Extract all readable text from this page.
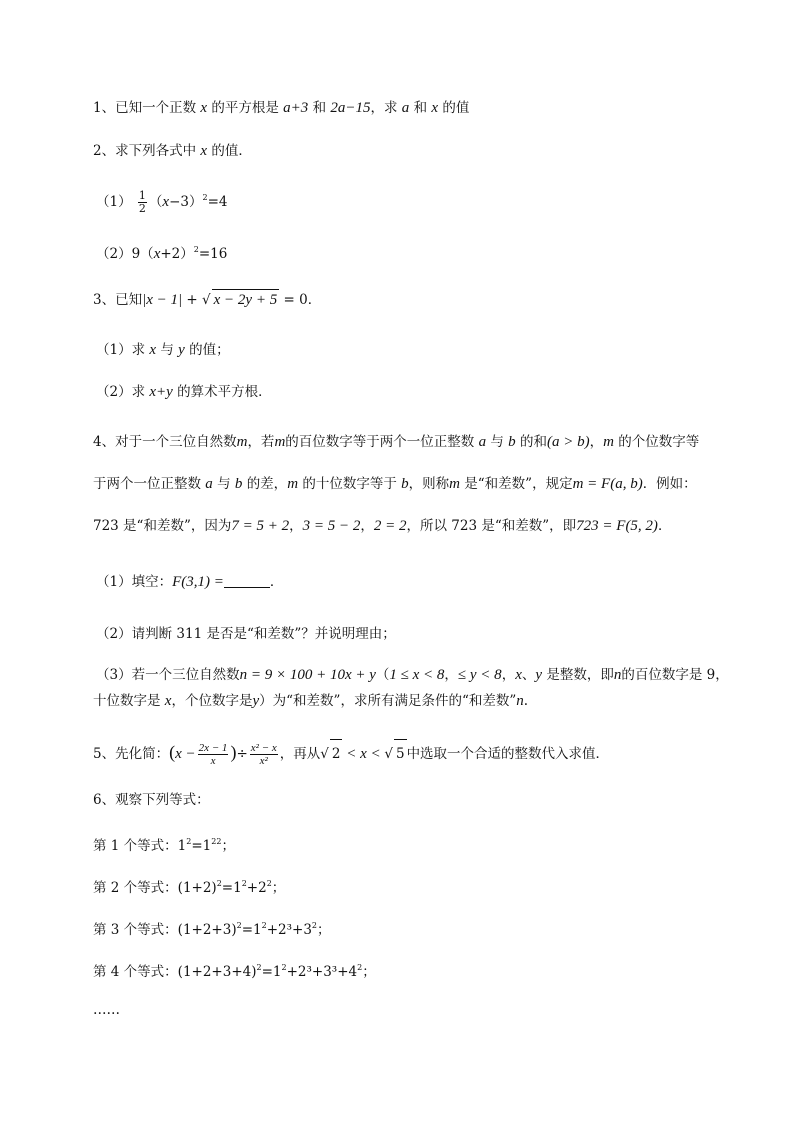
1、已知一个正数 x 的平方根是 a+3 和 2a−15，求 a 和 x 的值
2、求下列各式中 x 的值．
$(1) \frac{1}{2} (x-3)^2=4$
$(2)9(x+2)^2=16$
3、已知|x − 1| + √ x − 2y + 5 = 0．
（1）求 x 与 y 的值；
（2）求 x+y 的算术平方根．
4、对于一个三位自然数m，若m的百位数字等于两个一位正整数 a 与 b 的和(a > b)，m 的个位数字等
于两个一位正整数 a 与 b 的差，m 的十位数字等于 b，则称m 是“和差数”，规定m = F(a, b)．例如：
723 是“和差数”，因为7 = 5 + 2，3 = 5 − 2，2 = 2，所以 723 是“和差数”，即723 = F(5, 2)．
（1）填空：F(3,1) =	．
（2）请判断 311 是否是“和差数”？并说明理由；
（3）若一个三位自然数n = 9 × 100 + 10x + y（1 ≤ x < 8，≤ y < 8，x、y 是整数，即n的百位数字是 9，
十位数字是 x，个位数字是y）为“和差数”，求所有满足条件的“和差数”n.
5、先化简：($x - \frac{2x - 1}{x}$ )÷ $\frac{\text{x² − x}}{\text{x²}}$ ，再从√ 2 < x < √ 5 中选取一个合适的整数代入求值．
6、观察下列等式：
第 1 个等式：$1^2=1^{22}$；
第 2 个等式：$(1+2)^2=1^2+2^2$；
第 3 个等式：$(1+2+3)^2=1^2+2^3+3^2$；
第 4 个等式：$(1+2+3+4)^2=1^2+2^3+3^3+4^2$；
……
